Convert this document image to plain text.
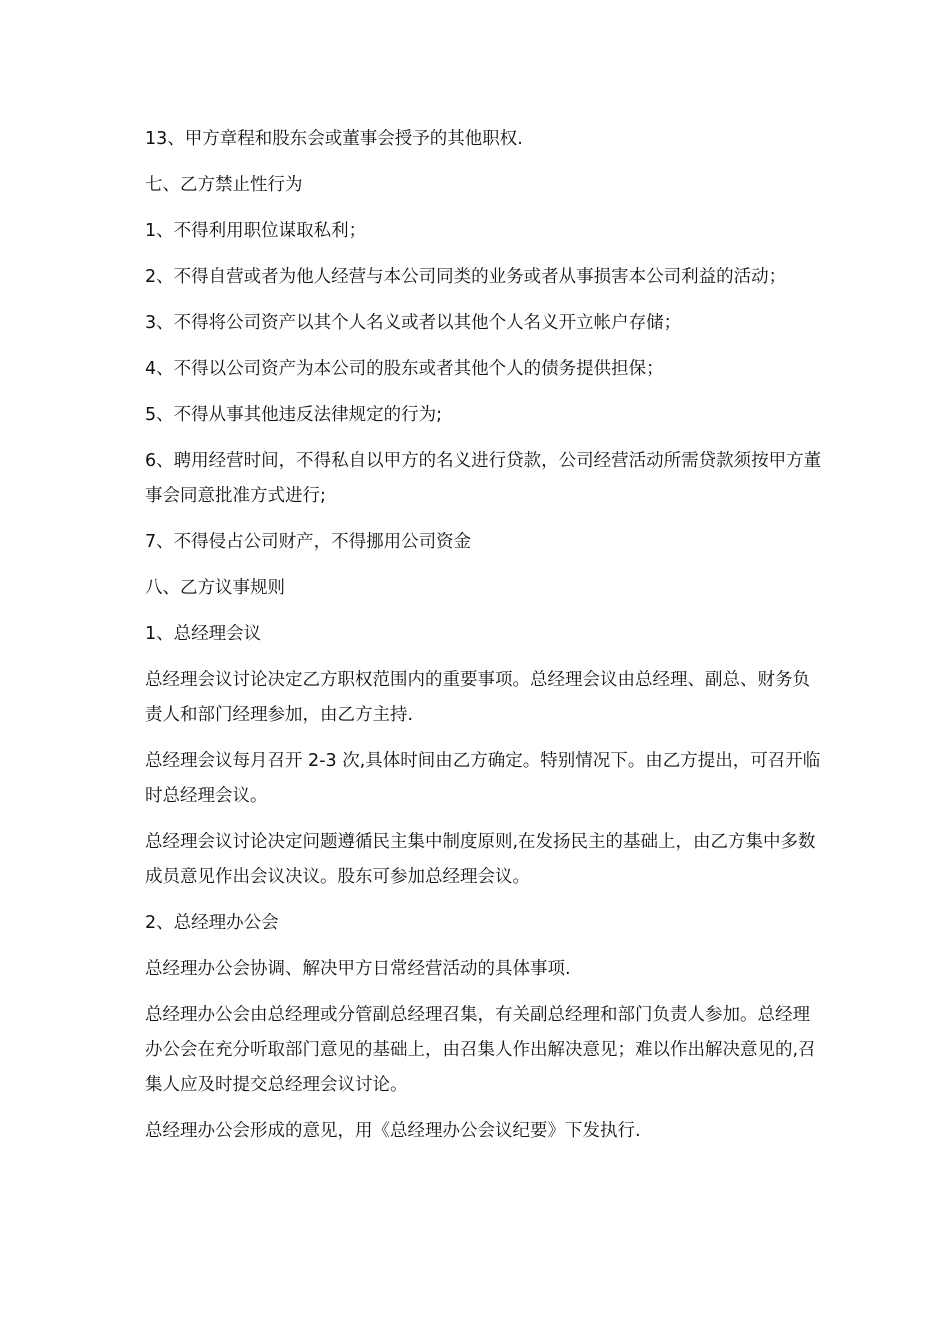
13、甲方章程和股东会或董事会授予的其他职权.

七、乙方禁止性行为

1、不得利用职位谋取私利；

2、不得自营或者为他人经营与本公司同类的业务或者从事损害本公司利益的活动；

3、不得将公司资产以其个人名义或者以其他个人名义开立帐户存储；

4、不得以公司资产为本公司的股东或者其他个人的债务提供担保；

5、不得从事其他违反法律规定的行为;

6、聘用经营时间，不得私自以甲方的名义进行贷款，公司经营活动所需贷款须按甲方董事会同意批准方式进行;

7、不得侵占公司财产，不得挪用公司资金

八、乙方议事规则

1、总经理会议

总经理会议讨论决定乙方职权范围内的重要事项。总经理会议由总经理、副总、财务负责人和部门经理参加，由乙方主持.

总经理会议每月召开 2-3 次,具体时间由乙方确定。特别情况下。由乙方提出，可召开临时总经理会议。

总经理会议讨论决定问题遵循民主集中制度原则,在发扬民主的基础上，由乙方集中多数成员意见作出会议决议。股东可参加总经理会议。

2、总经理办公会

总经理办公会协调、解决甲方日常经营活动的具体事项.

总经理办公会由总经理或分管副总经理召集，有关副总经理和部门负责人参加。总经理办公会在充分听取部门意见的基础上，由召集人作出解决意见；难以作出解决意见的,召集人应及时提交总经理会议讨论。

总经理办公会形成的意见，用《总经理办公会议纪要》下发执行.
